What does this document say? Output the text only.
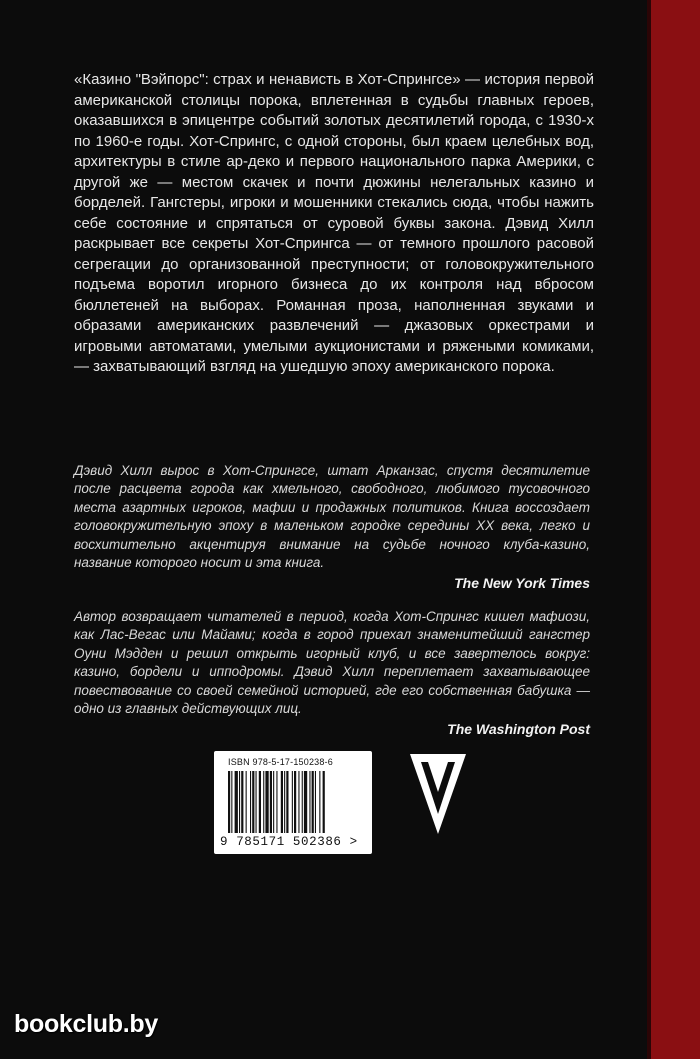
«Казино "Вэйпорс": страх и ненависть в Хот-Спрингсе» — история первой американской столицы порока, вплетенная в судьбы главных героев, оказавшихся в эпицентре событий золотых десятилетий города, с 1930-х по 1960-е годы. Хот-Спрингс, с одной стороны, был краем целебных вод, архитектуры в стиле ар-деко и первого национального парка Америки, с другой же — местом скачек и почти дюжины нелегальных казино и борделей. Гангстеры, игроки и мошенники стекались сюда, чтобы нажить себе состояние и спрятаться от суровой буквы закона. Дэвид Хилл раскрывает все секреты Хот-Спрингса — от темного прошлого расовой сегрегации до организованной преступности; от головокружительного подъема воротил игорного бизнеса до их контроля над вбросом бюллетеней на выборах. Романная проза, наполненная звуками и образами американских развлечений — джазовых оркестрами и игровыми автоматами, умелыми аукционистами и ряжеными комиками, — захватывающий взгляд на ушедшую эпоху американского порока.

Дэвид Хилл вырос в Хот-Спрингсе, штат Арканзас, спустя десятилетие после расцвета города как хмельного, свободного, любимого тусовочного места азартных игроков, мафии и продажных политиков. Книга воссоздает головокружительную эпоху в маленьком городке середины XX века, легко и восхитительно акцентируя внимание на судьбе ночного клуба-казино, название которого носит и эта книга.
The New York Times
Автор возвращает читателей в период, когда Хот-Спрингс кишел мафиози, как Лас-Вегас или Майами; когда в город приехал знаменитейший гангстер Оуни Мэдден и решил открыть игорный клуб, и все завертелось вокруг: казино, бордели и ипподромы. Дэвид Хилл переплетает захватывающее повествование со своей семейной историей, где его собственная бабушка — одно из главных действующих лиц.
The Washington Post
ISBN 978-5-17-150238-6
9 785171 502386 >
bookclub.by
